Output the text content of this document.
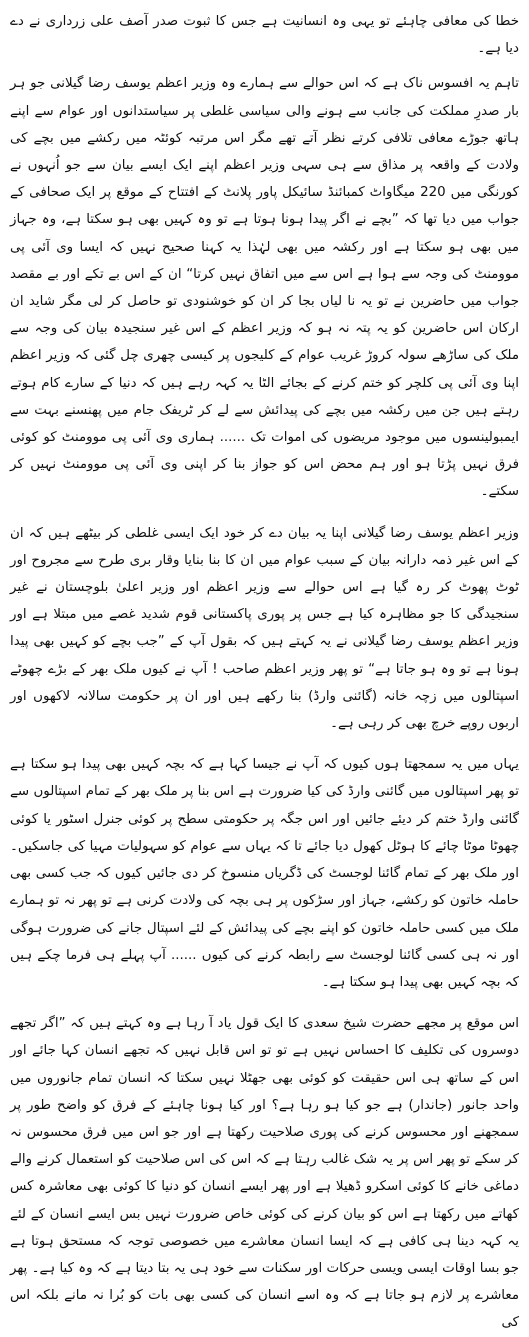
خطا کی معافی چاہئے تو یہی وہ انسانیت ہے جس کا ثبوت صدر آصف علی زرداری نے دے دیا ہے۔

تاہم یہ افسوس ناک ہے کہ اس حوالے سے ہمارے وہ وزیر اعظم یوسف رضا گیلانی جو ہر بار صدرِ مملکت کی جانب سے ہونے والی سیاسی غلطی پر سیاستدانوں اور عوام سے اپنے ہاتھ جوڑے معافی تلافی کرتے نظر آتے تھے مگر اس مرتبہ کوئٹہ میں رکشے میں بچے کی ولادت کے واقعہ پر مذاق سے ہی سہی وزیر اعظم اپنے ایک ایسے بیان سے جو اُنہوں نے کورنگی میں 220 میگاواٹ کمبائنڈ سائیکل پاور پلانٹ کے افتتاح کے موقع پر ایک صحافی کے جواب میں دیا تھا کہ ”بچے نے اگر پیدا ہونا ہوتا ہے تو وہ کہیں بھی ہو سکتا ہے، وہ جہاز میں بھی ہو سکتا ہے اور رکشہ میں بھی لہٰذا یہ کہنا صحیح نہیں کہ ایسا وی آئی پی موومنٹ کی وجہ سے ہوا ہے اس سے میں اتفاق نہیں کرتا“ ان کے اس بے تکے اور بے مقصد جواب میں حاضرین نے تو یہ نا لیاں بجا کر ان کو خوشنودی تو حاصل کر لی مگر شاید ان ارکان اس حاضرین کو یہ پتہ نہ ہو کہ وزیر اعظم کے اس غیر سنجیدہ بیان کی وجہ سے ملک کی ساڑھے سولہ کروڑ غریب عوام کے کلیجوں پر کیسی چھری چل گئی کہ وزیر اعظم اپنا وی آئی پی کلچر کو ختم کرنے کے بجائے الٹا یہ کہہ رہے ہیں کہ دنیا کے سارے کام ہوتے رہتے ہیں جن میں رکشہ میں بچے کی پیدائش سے لے کر ٹریفک جام میں پھنسنے بہت سے ایمبولینسوں میں موجود مریضوں کی اموات تک ...... ہماری وی آئی پی موومنٹ کو کوئی فرق نہیں پڑتا ہو اور ہم محض اس کو جواز بنا کر اپنی وی آئی پی موومنٹ نہیں کر سکتے۔

وزیر اعظم یوسف رضا گیلانی اپنا یہ بیان دے کر خود ایک ایسی غلطی کر بیٹھے ہیں کہ ان کے اس غیر ذمہ دارانہ بیان کے سبب عوام میں ان کا بنا بنایا وقار بری طرح سے مجروح اور ٹوٹ پھوٹ کر رہ گیا ہے اس حوالے سے وزیر اعظم اور وزیر اعلیٰ بلوچستان نے غیر سنجیدگی کا جو مظاہرہ کیا ہے جس پر پوری پاکستانی قوم شدید غصے میں مبتلا ہے اور وزیر اعظم یوسف رضا گیلانی نے یہ کہتے ہیں کہ بقول آپ کے ”جب بچے کو کہیں بھی پیدا ہونا ہے تو وہ ہو جاتا ہے“ تو پھر وزیر اعظم صاحب ! آپ نے کیوں ملک بھر کے بڑے چھوٹے اسپتالوں میں زچہ خانہ (گائنی وارڈ) بنا رکھے ہیں اور ان پر حکومت سالانہ لاکھوں اور اربوں روپے خرچ بھی کر رہی ہے۔

یہاں میں یہ سمجھتا ہوں کیوں کہ آپ نے جیسا کہا ہے کہ بچہ کہیں بھی پیدا ہو سکتا ہے تو پھر اسپتالوں میں گائنی وارڈ کی کیا ضرورت ہے اس بنا پر ملک بھر کے تمام اسپتالوں سے گائنی وارڈ ختم کر دیئے جائیں اور اس جگہ پر حکومتی سطح پر کوئی جنرل اسٹور یا کوئی چھوٹا موٹا چائے کا ہوٹل کھول دیا جائے تا کہ یہاں سے عوام کو سہولیات مہیا کی جاسکیں۔ اور ملک بھر کے تمام گائنا لوجسٹ کی ڈگریاں منسوخ کر دی جائیں کیوں کہ جب کسی بھی حاملہ خاتون کو رکشے، جہاز اور سڑکوں پر ہی بچہ کی ولادت کرنی ہے تو پھر نہ تو ہمارے ملک میں کسی حاملہ خاتون کو اپنے بچے کی پیدائش کے لئے اسپتال جانے کی ضرورت ہوگی اور نہ ہی کسی گائنا لوجسٹ سے رابطہ کرنے کی کیوں ...... آپ پہلے ہی فرما چکے ہیں کہ بچہ کہیں بھی پیدا ہو سکتا ہے۔

اس موقع پر مجھے حضرت شیخ سعدی کا ایک قول یاد آ رہا ہے وہ کہتے ہیں کہ ”اگر تجھے دوسروں کی تکلیف کا احساس نہیں ہے تو تو اس قابل نہیں کہ تجھے انسان کہا جائے اور اس کے ساتھ ہی اس حقیقت کو کوئی بھی جھٹلا نہیں سکتا کہ انسان تمام جانوروں میں واحد جانور (جاندار) ہے جو کیا ہو رہا ہے؟ اور کیا ہونا چاہئے کے فرق کو واضح طور پر سمجھنے اور محسوس کرنے کی پوری صلاحیت رکھتا ہے اور جو اس میں فرق محسوس نہ کر سکے تو پھر اس پر یہ شک غالب رہتا ہے کہ اس کی اس صلاحیت کو استعمال کرنے والے دماغی خانے کا کوئی اسکرو ڈھیلا ہے اور پھر ایسے انسان کو دنیا کا کوئی بھی معاشرہ کس کھاتے میں رکھتا ہے اس کو بیان کرنے کی کوئی خاص ضرورت نہیں بس ایسے انسان کے لئے یہ کہہ دینا ہی کافی ہے کہ ایسا انسان معاشرے میں خصوصی توجہ کہ مستحق ہوتا ہے جو بسا اوقات ایسی ویسی حرکات اور سکنات سے خود ہی یہ بتا دیتا ہے کہ وہ کیا ہے۔ پھر معاشرے پر لازم ہو جاتا ہے کہ وہ اسے انسان کی کسی بھی بات کو بُرا نہ مانے بلکہ اس کی
